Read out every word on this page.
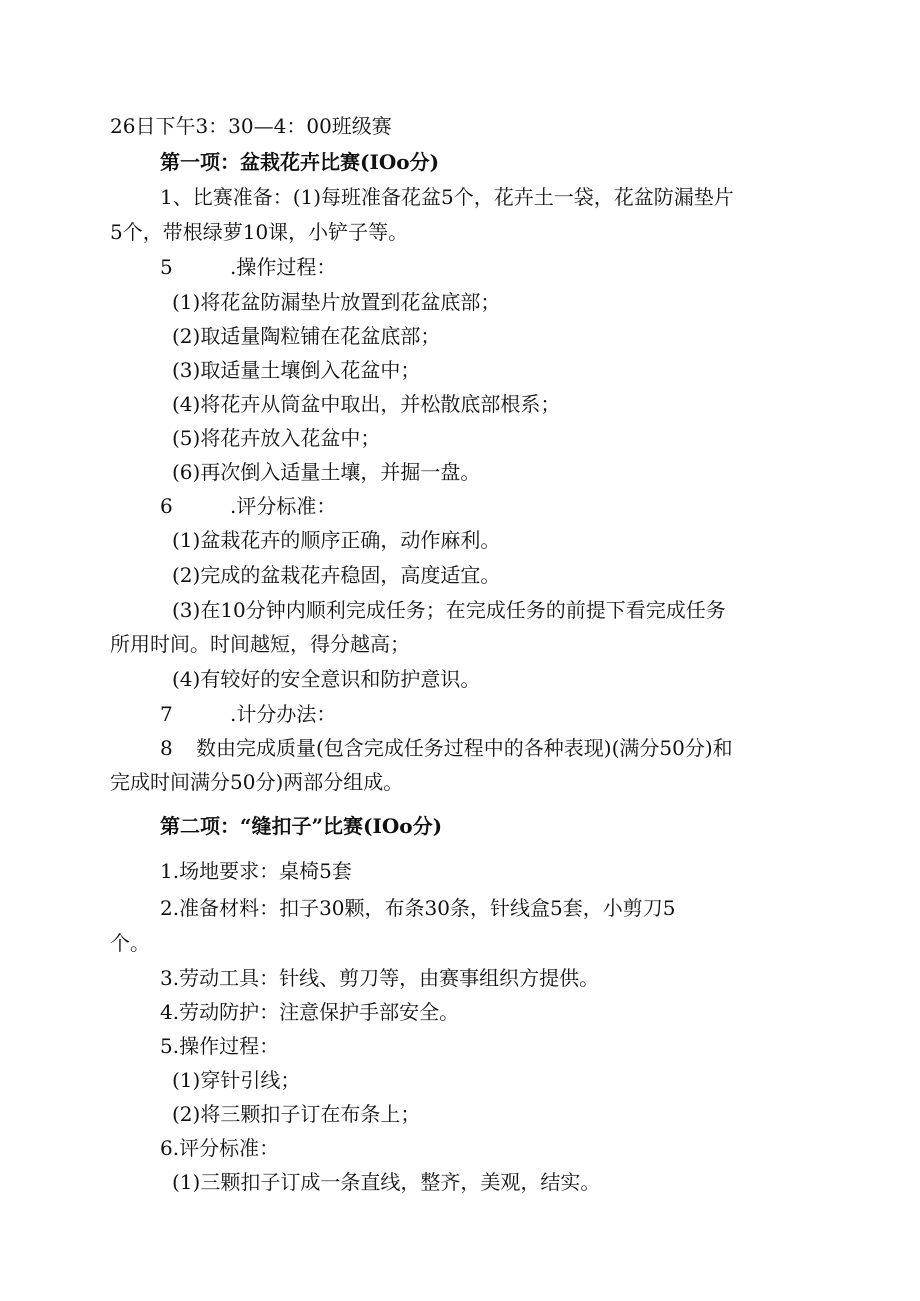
26日下午3：30—4：00班级赛
第一项：盆栽花卉比赛(IOo分)
1、比赛准备：(1)每班准备花盆5个，花卉土一袋，花盆防漏垫片
5个，带根绿萝10课，小铲子等。
5	.操作过程：
(1)将花盆防漏垫片放置到花盆底部；
(2)取适量陶粒铺在花盆底部；
(3)取适量土壤倒入花盆中；
(4)将花卉从筒盆中取出，并松散底部根系；
(5)将花卉放入花盆中；
(6)再次倒入适量土壤，并掘一盘。
6	.评分标准：
(1)盆栽花卉的顺序正确，动作麻利。
(2)完成的盆栽花卉稳固，高度适宜。
(3)在10分钟内顺利完成任务；在完成任务的前提下看完成任务
所用时间。时间越短，得分越高；
(4)有较好的安全意识和防护意识。
7	.计分办法：
8 数由完成质量(包含完成任务过程中的各种表现)(满分50分)和
完成时间满分50分)两部分组成。
第二项：“缝扣子”比赛(IOo分)
1.场地要求：桌椅5套
2.准备材料：扣子30颗，布条30条，针线盒5套，小剪刀5
个。
3.劳动工具：针线、剪刀等，由赛事组织方提供。
4.劳动防护：注意保护手部安全。
5.操作过程：
(1)穿针引线；
(2)将三颗扣子订在布条上；
6.评分标准：
(1)三颗扣子订成一条直线，整齐，美观，结实。
